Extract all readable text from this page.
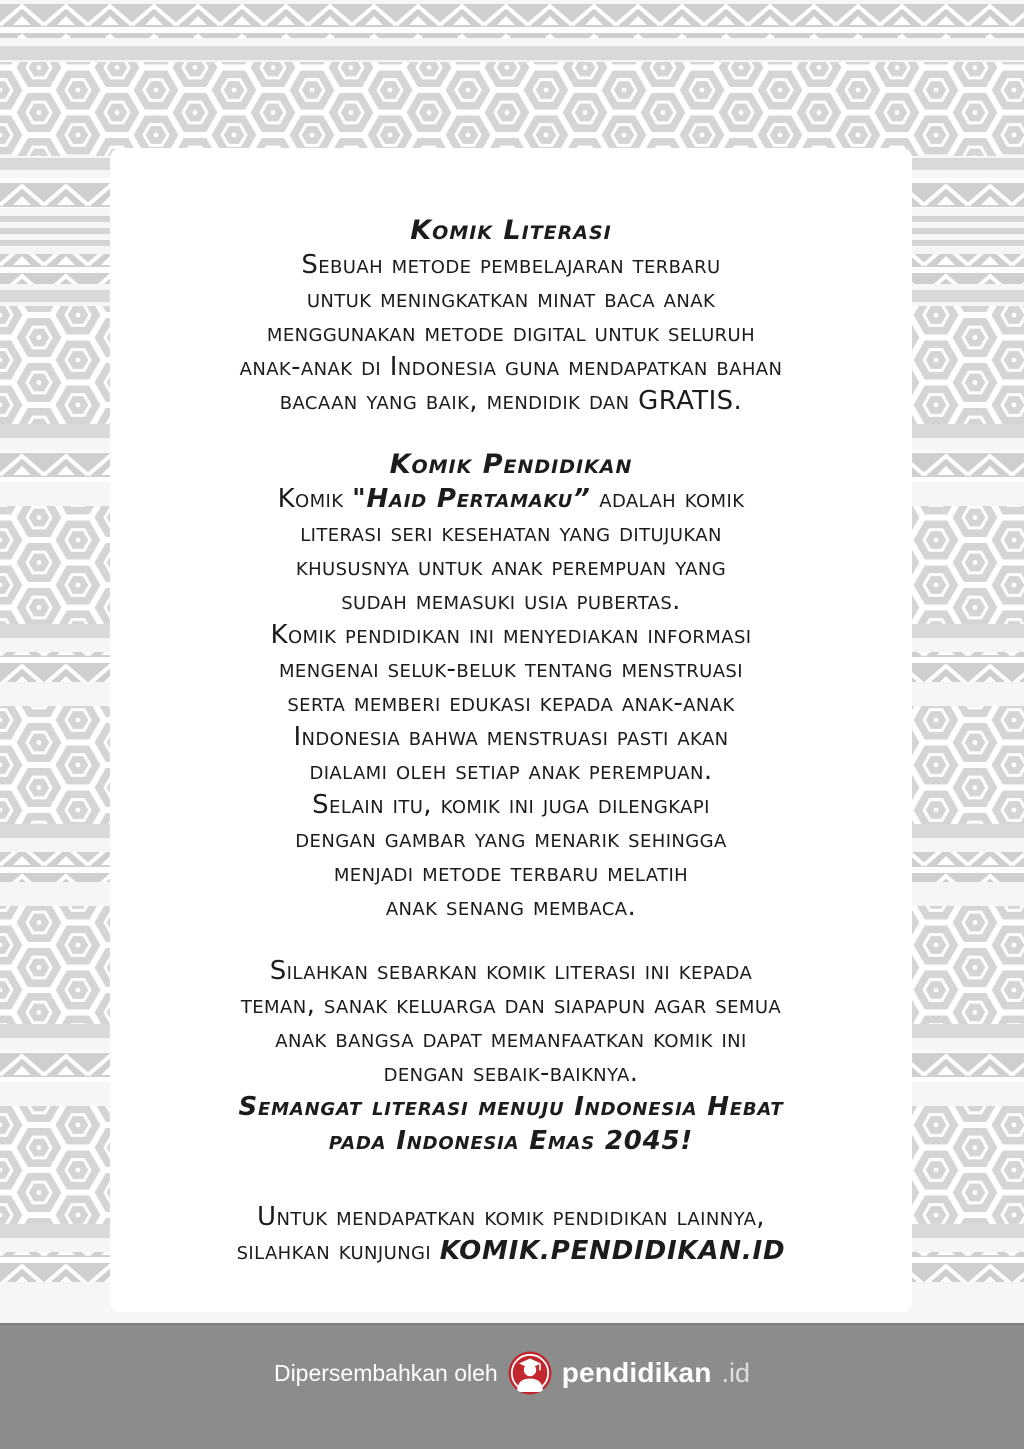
Komik Literasi
Sebuah metode pembelajaran terbaru
untuk meningkatkan minat baca anak
menggunakan metode digital untuk seluruh
anak-anak di Indonesia guna mendapatkan bahan
bacaan yang baik, mendidik dan GRATIS.
Komik Pendidikan
Komik "Haid Pertamaku” adalah komik
literasi seri kesehatan yang ditujukan
khususnya untuk anak perempuan yang
sudah memasuki usia pubertas.
Komik pendidikan ini menyediakan informasi
mengenai seluk-beluk tentang menstruasi
serta memberi edukasi kepada anak-anak
Indonesia bahwa menstruasi pasti akan
dialami oleh setiap anak perempuan.
Selain itu, komik ini juga dilengkapi
dengan gambar yang menarik sehingga
menjadi metode terbaru melatih
anak senang membaca.
Silahkan sebarkan komik literasi ini kepada
teman, sanak keluarga dan siapapun agar semua
anak bangsa dapat memanfaatkan komik ini
dengan sebaik-baiknya.
Semangat literasi menuju Indonesia Hebat
pada Indonesia Emas 2045!
Untuk mendapatkan komik pendidikan lainnya,
silahkan kunjungi KOMIK.PENDIDIKAN.ID
Dipersembahkan oleh pendidikan .id
